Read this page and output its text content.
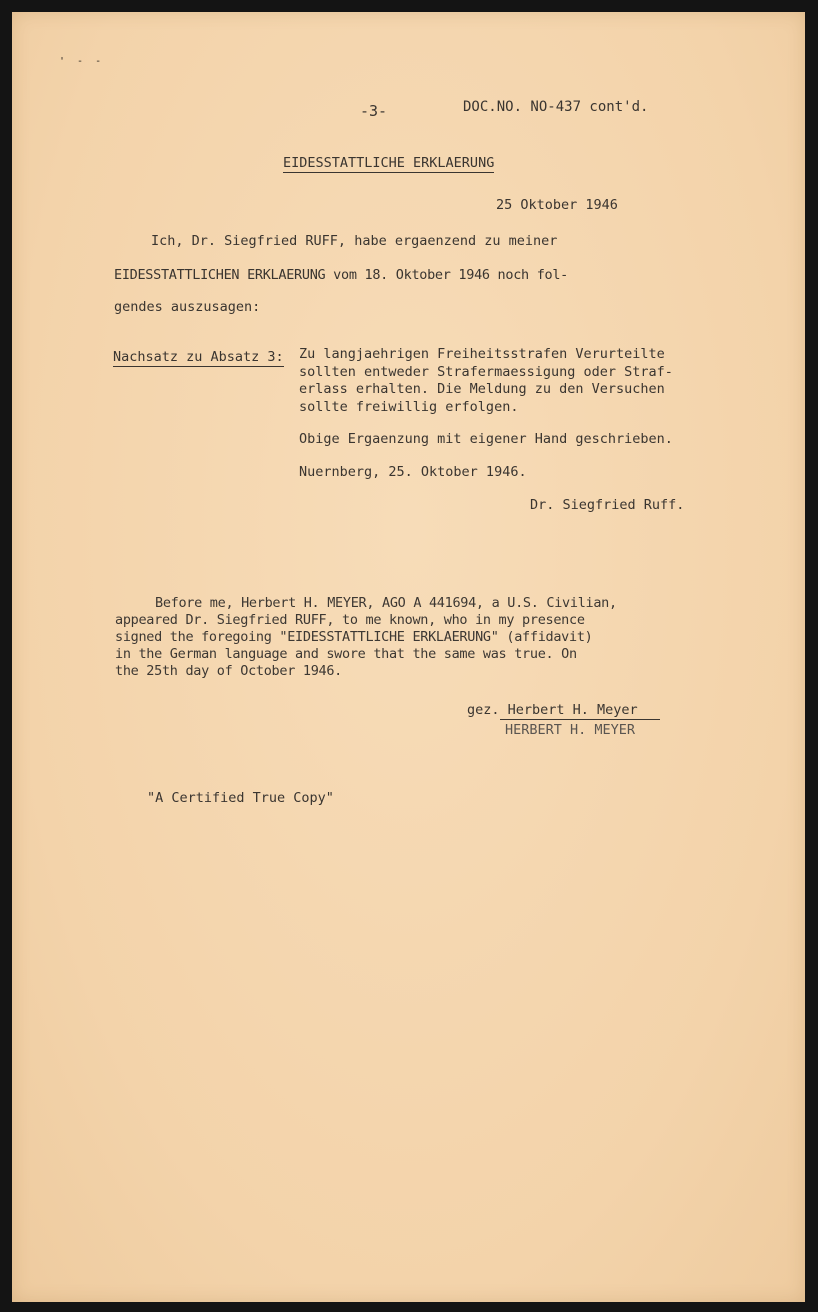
' - -
-3-	DOC.NO. NO-437 cont'd.
EIDESSTATTLICHE ERKLAERUNG
25 Oktober 1946
Ich, Dr. Siegfried RUFF, habe ergaenzend zu meiner
EIDESSTATTLICHEN ERKLAERUNG vom 18. Oktober 1946 noch fol-
gendes auszusagen:
Nachsatz zu Absatz 3: Zu langjaehrigen Freiheitsstrafen Verurteilte
sollten entweder Strafermaessigung oder Straf-
erlass erhalten. Die Meldung zu den Versuchen
sollte freiwillig erfolgen.
Obige Ergaenzung mit eigener Hand geschrieben.
Nuernberg, 25. Oktober 1946.
Dr. Siegfried Ruff.
Before me, Herbert H. MEYER, AGO A 441694, a U.S. Civilian,
appeared Dr. Siegfried RUFF, to me known, who in my presence
signed the foregoing "EIDESSTATTLICHE ERKLAERUNG" (affidavit)
in the German language and swore that the same was true. On
the 25th day of October 1946.
gez. Herbert H. Meyer
HERBERT H. MEYER
"A Certified True Copy"
